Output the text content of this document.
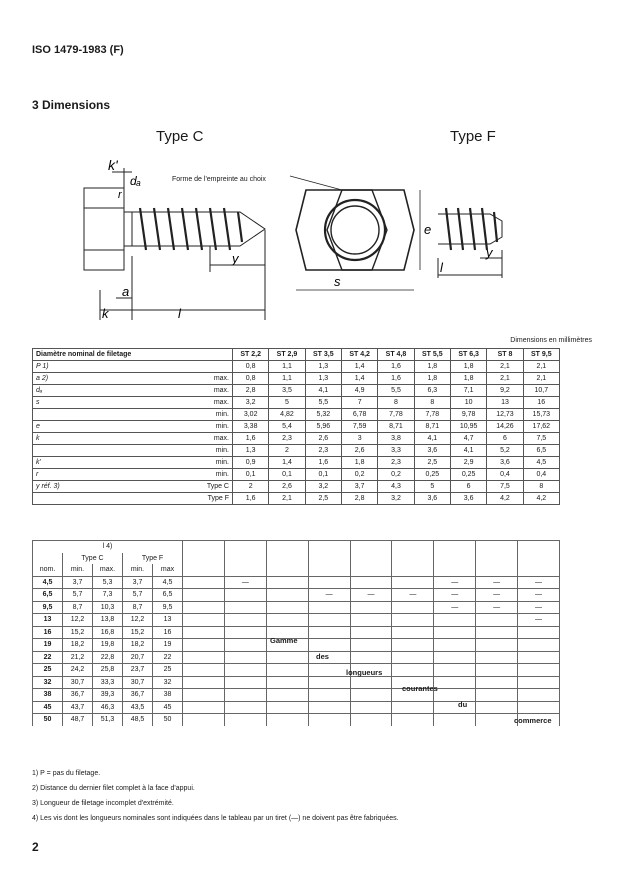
ISO 1479-1983 (F)
3 Dimensions
Type C	Type F
Forme de l'empreinte au choix
k'
r
dₐ
y
a
k	l
s
e
y
l
Dimensions en millimètres
Diamètre nominal de filetage		ST 2,2	ST 2,9	ST 3,5	ST 4,2	ST 4,8	ST 5,5	ST 6,3	ST 8	ST 9,5
P 1)		0,8	1,1	1,3	1,4	1,6	1,8	1,8	2,1	2,1
a 2)	max.	0,8	1,1	1,3	1,4	1,6	1,8	1,8	2,1	2,1
dₐ	max.	2,8	3,5	4,1	4,9	5,5	6,3	7,1	9,2	10,7
s	max.	3,2	5	5,5	7	8	8	10	13	16
	min.	3,02	4,82	5,32	6,78	7,78	7,78	9,78	12,73	15,73
e	min.	3,38	5,4	5,96	7,59	8,71	8,71	10,95	14,26	17,62
k	max.	1,6	2,3	2,6	3	3,8	4,1	4,7	6	7,5
	min.	1,3	2	2,3	2,6	3,3	3,6	4,1	5,2	6,5
k'	min.	0,9	1,4	1,6	1,8	2,3	2,5	2,9	3,6	4,5
r	min.	0,1	0,1	0,1	0,2	0,2	0,25	0,25	0,4	0,4
y réf. 3)	Type C	2	2,6	3,2	3,7	4,3	5	6	7,5	8
	Type F	1,6	2,1	2,5	2,8	3,2	3,6	3,6	4,2	4,2
l 4)													
	Type C		Type F										
nom.	min.	max.	min.	max									
4,5	3,7	5,3	3,7	4,5		—					—	—	—
6,5	5,7	7,3	5,7	6,5				—	—	—	—	—	—
9,5	8,7	10,3	8,7	9,5							—	—	—
13	12,2	13,8	12,2	13									—
16	15,2	16,8	15,2	16									
19	18,2	19,8	18,2	19									
22	21,2	22,8	20,7	22									
25	24,2	25,8	23,7	25									
32	30,7	33,3	30,7	32									
38	36,7	39,3	36,7	38									
45	43,7	46,3	43,5	45									
50	48,7	51,3	48,5	50									
1) P = pas du filetage.
2) Distance du dernier filet complet à la face d'appui.
3) Longueur de filetage incomplet d'extrémité.
4) Les vis dont les longueurs nominales sont indiquées dans le tableau par un tiret (—) ne doivent pas être fabriquées.
2
Gamme
des
longueurs
courantes
du
commerce
